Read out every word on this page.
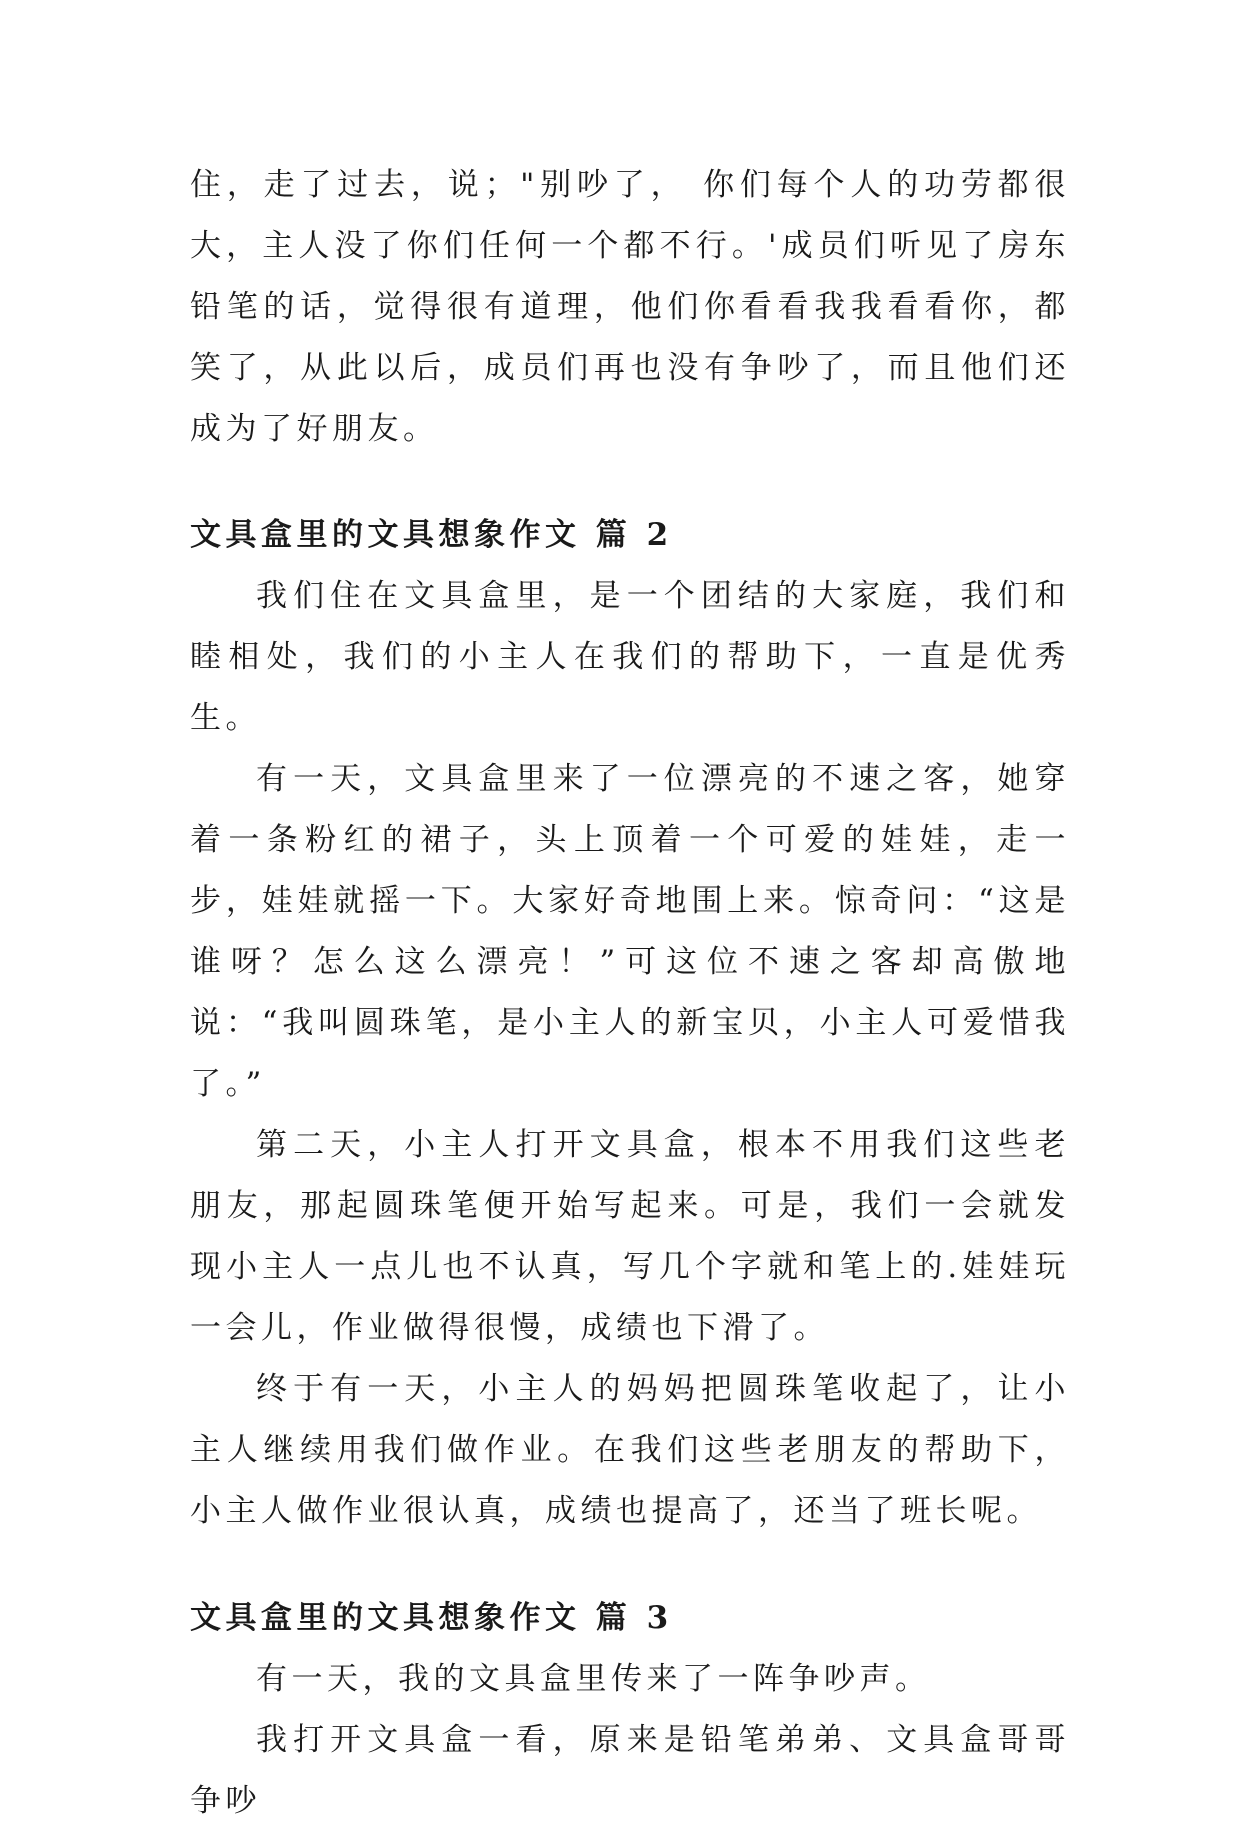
住，走了过去，说；"别吵了， 你们每个人的功劳都很大，主人没了你们任何一个都不行。'成员们听见了房东铅笔的话，觉得很有道理，他们你看看我我看看你，都笑了，从此以后，成员们再也没有争吵了，而且他们还成为了好朋友。

文具盒里的文具想象作文 篇 2

我们住在文具盒里，是一个团结的大家庭，我们和睦相处，我们的小主人在我们的帮助下，一直是优秀生。

有一天，文具盒里来了一位漂亮的不速之客，她穿着一条粉红的裙子，头上顶着一个可爱的娃娃，走一步，娃娃就摇一下。大家好奇地围上来。惊奇问：“这是谁呀？怎么这么漂亮！”可这位不速之客却高傲地说：“我叫圆珠笔，是小主人的新宝贝，小主人可爱惜我了。”

第二天，小主人打开文具盒，根本不用我们这些老朋友，那起圆珠笔便开始写起来。可是，我们一会就发现小主人一点儿也不认真，写几个字就和笔上的.娃娃玩一会儿，作业做得很慢，成绩也下滑了。

终于有一天，小主人的妈妈把圆珠笔收起了，让小主人继续用我们做作业。在我们这些老朋友的帮助下，小主人做作业很认真，成绩也提高了，还当了班长呢。

文具盒里的文具想象作文 篇 3

有一天，我的文具盒里传来了一阵争吵声。

我打开文具盒一看，原来是铅笔弟弟、文具盒哥哥争吵
